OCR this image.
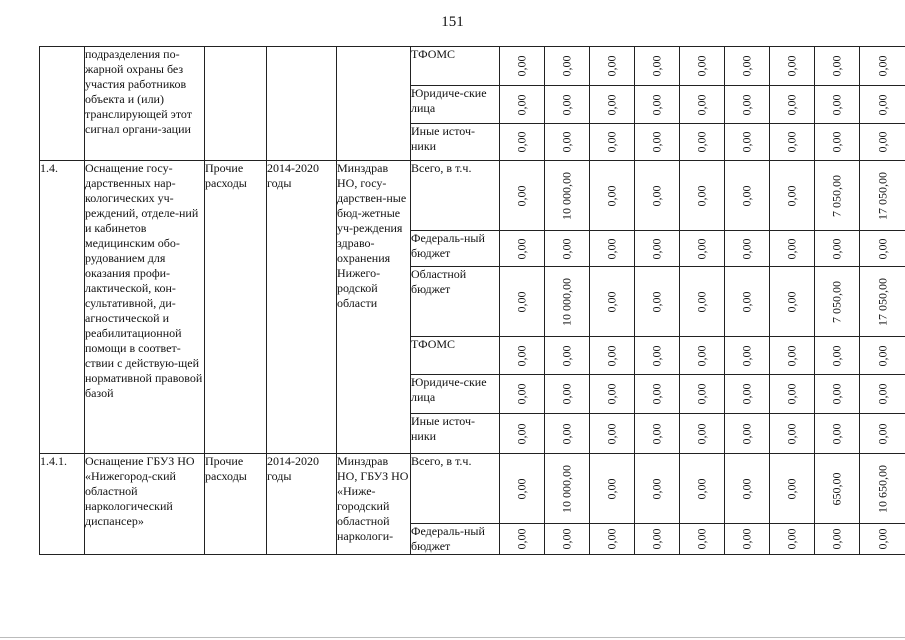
151
	подразделения по-жарной охраны без участия работников объекта и (или) транслирующей этот сигнал органи-зации				ТФОМС	0,00	0,00	0,00	0,00	0,00	0,00	0,00	0,00	0,00

					Юридиче-ские лица	0,00	0,00	0,00	0,00	0,00	0,00	0,00	0,00	0,00

					Иные источ-ники	0,00	0,00	0,00	0,00	0,00	0,00	0,00	0,00	0,00

1.4.	Оснащение госу-дарственных нар-кологических уч-реждений, отделе-ний и кабинетов медицинским обо-рудованием для оказания профи-лактической, кон-сультативной, ди-агностической и реабилитационной помощи в соответ-ствии с действую-щей нормативной правовой базой	Прочие расходы	2014-2020 годы	Минздрав НО, госу-дарствен-ные бюд-жетные уч-реждения здраво-охранения Нижего-родской области	Всего, в т.ч.	0,00	10 000,00	0,00	0,00	0,00	0,00	0,00	7 050,00	17 050,00

					Федераль-ный бюджет	0,00	0,00	0,00	0,00	0,00	0,00	0,00	0,00	0,00

					Областной бюджет	0,00	10 000,00	0,00	0,00	0,00	0,00	0,00	7 050,00	17 050,00

					ТФОМС	0,00	0,00	0,00	0,00	0,00	0,00	0,00	0,00	0,00

					Юридиче-ские лица	0,00	0,00	0,00	0,00	0,00	0,00	0,00	0,00	0,00

					Иные источ-ники	0,00	0,00	0,00	0,00	0,00	0,00	0,00	0,00	0,00

1.4.1.	Оснащение ГБУЗ НО «Нижегород-ский областной наркологический диспансер»	Прочие расходы	2014-2020 годы	Минздрав НО, ГБУЗ НО «Ниже-городский областной наркологи-	Всего, в т.ч.	0,00	10 000,00	0,00	0,00	0,00	0,00	0,00	650,00	10 650,00

					Федераль-ный бюджет	0,00	0,00	0,00	0,00	0,00	0,00	0,00	0,00	0,00
